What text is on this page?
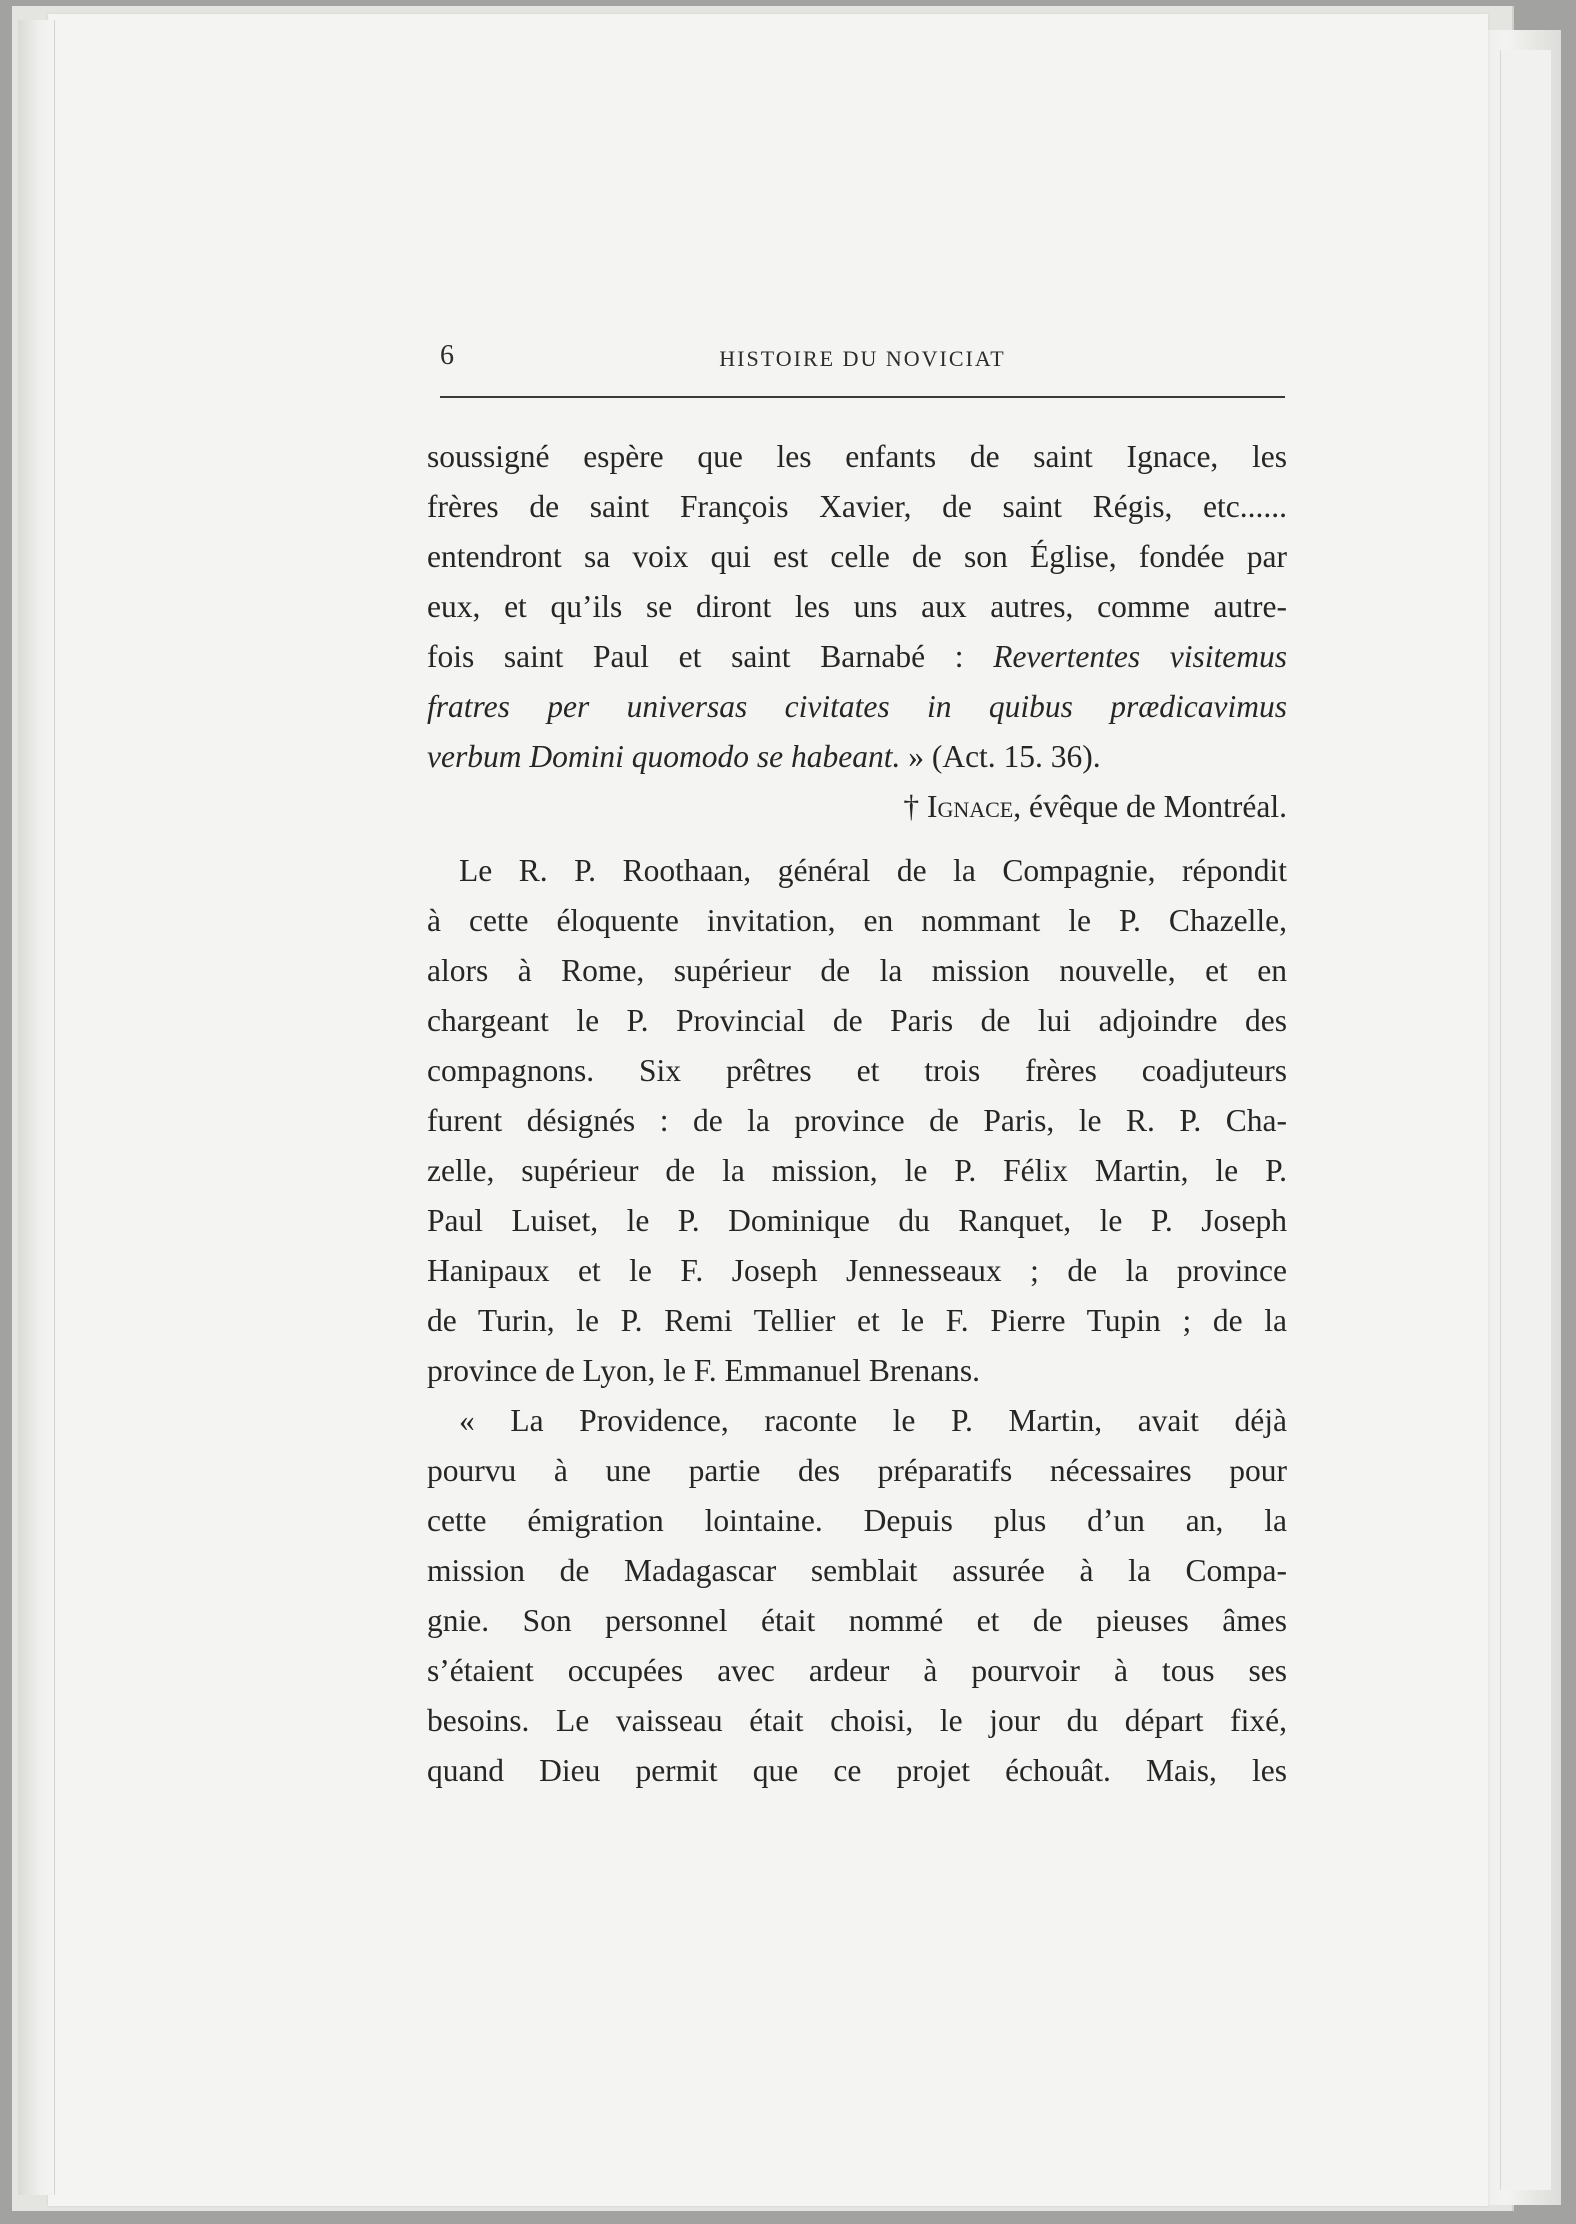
6	HISTOIRE DU NOVICIAT

soussigné espère que les enfants de saint Ignace, les

frères de saint François Xavier, de saint Régis, etc......

entendront sa voix qui est celle de son Église, fondée par

eux, et qu’ils se diront les uns aux autres, comme autre-

fois saint Paul et saint Barnabé : Revertentes visitemus

fratres per universas civitates in quibus prædicavimus

verbum Domini quomodo se habeant. » (Act. 15. 36).

† Ignace, évêque de Montréal.

Le R. P. Roothaan, général de la Compagnie, répondit

à cette éloquente invitation, en nommant le P. Chazelle,

alors à Rome, supérieur de la mission nouvelle, et en

chargeant le P. Provincial de Paris de lui adjoindre des

compagnons. Six prêtres et trois frères coadjuteurs

furent désignés : de la province de Paris, le R. P. Cha-

zelle, supérieur de la mission, le P. Félix Martin, le P.

Paul Luiset, le P. Dominique du Ranquet, le P. Joseph

Hanipaux et le F. Joseph Jennesseaux ; de la province

de Turin, le P. Remi Tellier et le F. Pierre Tupin ; de la

province de Lyon, le F. Emmanuel Brenans.

« La Providence, raconte le P. Martin, avait déjà

pourvu à une partie des préparatifs nécessaires pour

cette émigration lointaine. Depuis plus d’un an, la

mission de Madagascar semblait assurée à la Compa-

gnie. Son personnel était nommé et de pieuses âmes

s’étaient occupées avec ardeur à pourvoir à tous ses

besoins. Le vaisseau était choisi, le jour du départ fixé,

quand Dieu permit que ce projet échouât. Mais, les
